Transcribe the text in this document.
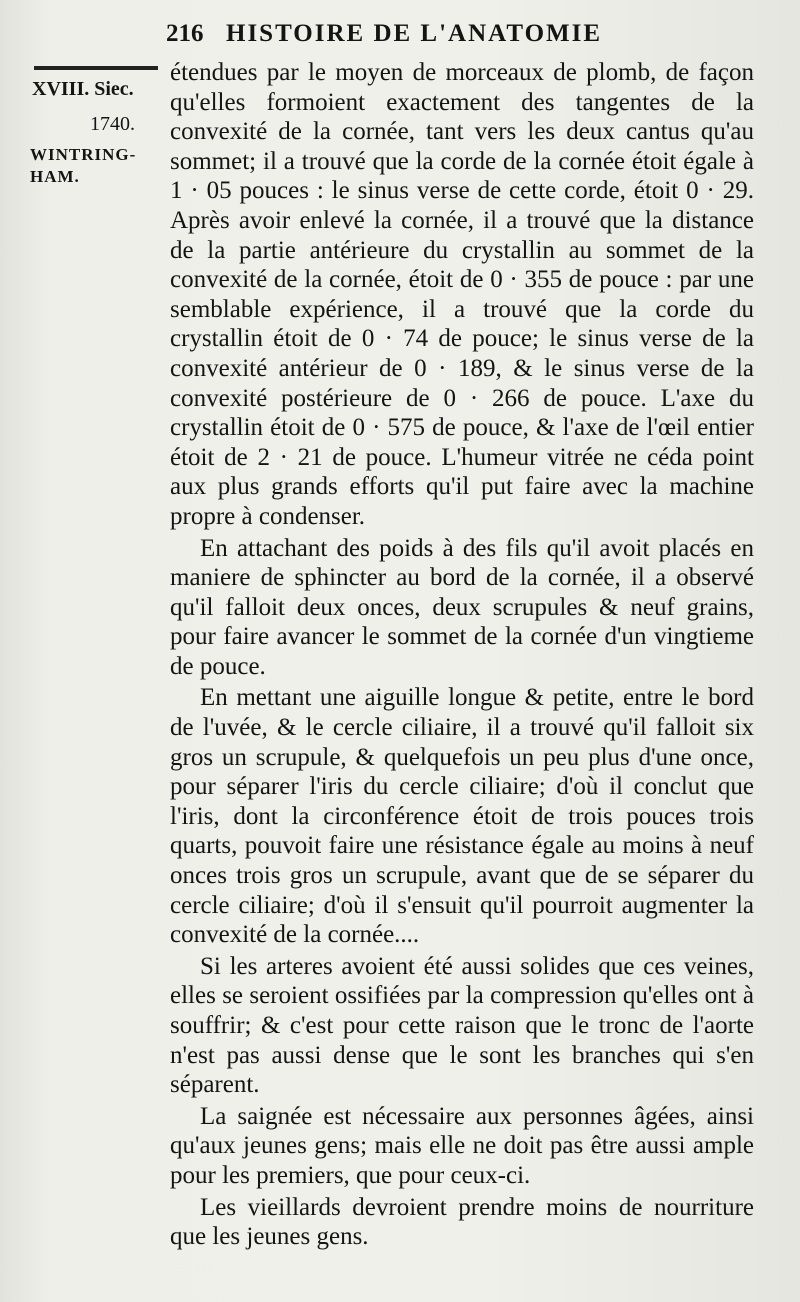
216 HISTOIRE DE L'ANATOMIE
XVIII. Siec.
1740.
WINTRING-
HAM.

étendues par le moyen de morceaux de plomb, de façon qu'elles formoient exactement des tangentes de la convexité de la cornée, tant vers les deux cantus qu'au sommet; il a trouvé que la corde de la cornée étoit égale à 1 · 05 pouces : le sinus verse de cette corde, étoit 0 · 29. Après avoir enlevé la cornée, il a trouvé que la distance de la partie antérieure du crystallin au sommet de la convexité de la cornée, étoit de 0 · 355 de pouce : par une semblable expérience, il a trouvé que la corde du crystallin étoit de 0 · 74 de pouce; le sinus verse de la convexité antérieur de 0 · 189, & le sinus verse de la convexité postérieure de 0 · 266 de pouce. L'axe du crystallin étoit de 0 · 575 de pouce, & l'axe de l'œil entier étoit de 2 · 21 de pouce. L'humeur vitrée ne céda point aux plus grands efforts qu'il put faire avec la machine propre à condenser.

En attachant des poids à des fils qu'il avoit placés en maniere de sphincter au bord de la cornée, il a observé qu'il falloit deux onces, deux scrupules & neuf grains, pour faire avancer le sommet de la cornée d'un vingtieme de pouce.

En mettant une aiguille longue & petite, entre le bord de l'uvée, & le cercle ciliaire, il a trouvé qu'il falloit six gros un scrupule, & quelquefois un peu plus d'une once, pour séparer l'iris du cercle ciliaire; d'où il conclut que l'iris, dont la circonférence étoit de trois pouces trois quarts, pouvoit faire une résistance égale au moins à neuf onces trois gros un scrupule, avant que de se séparer du cercle ciliaire; d'où il s'ensuit qu'il pourroit augmenter la convexité de la cornée....

Si les arteres avoient été aussi solides que ces veines, elles se seroient ossifiées par la compression qu'elles ont à souffrir; & c'est pour cette raison que le tronc de l'aorte n'est pas aussi dense que le sont les branches qui s'en séparent.

La saignée est nécessaire aux personnes âgées, ainsi qu'aux jeunes gens; mais elle ne doit pas être aussi ample pour les premiers, que pour ceux-ci.

Les vieillards devroient prendre moins de nourriture que les jeunes gens.
